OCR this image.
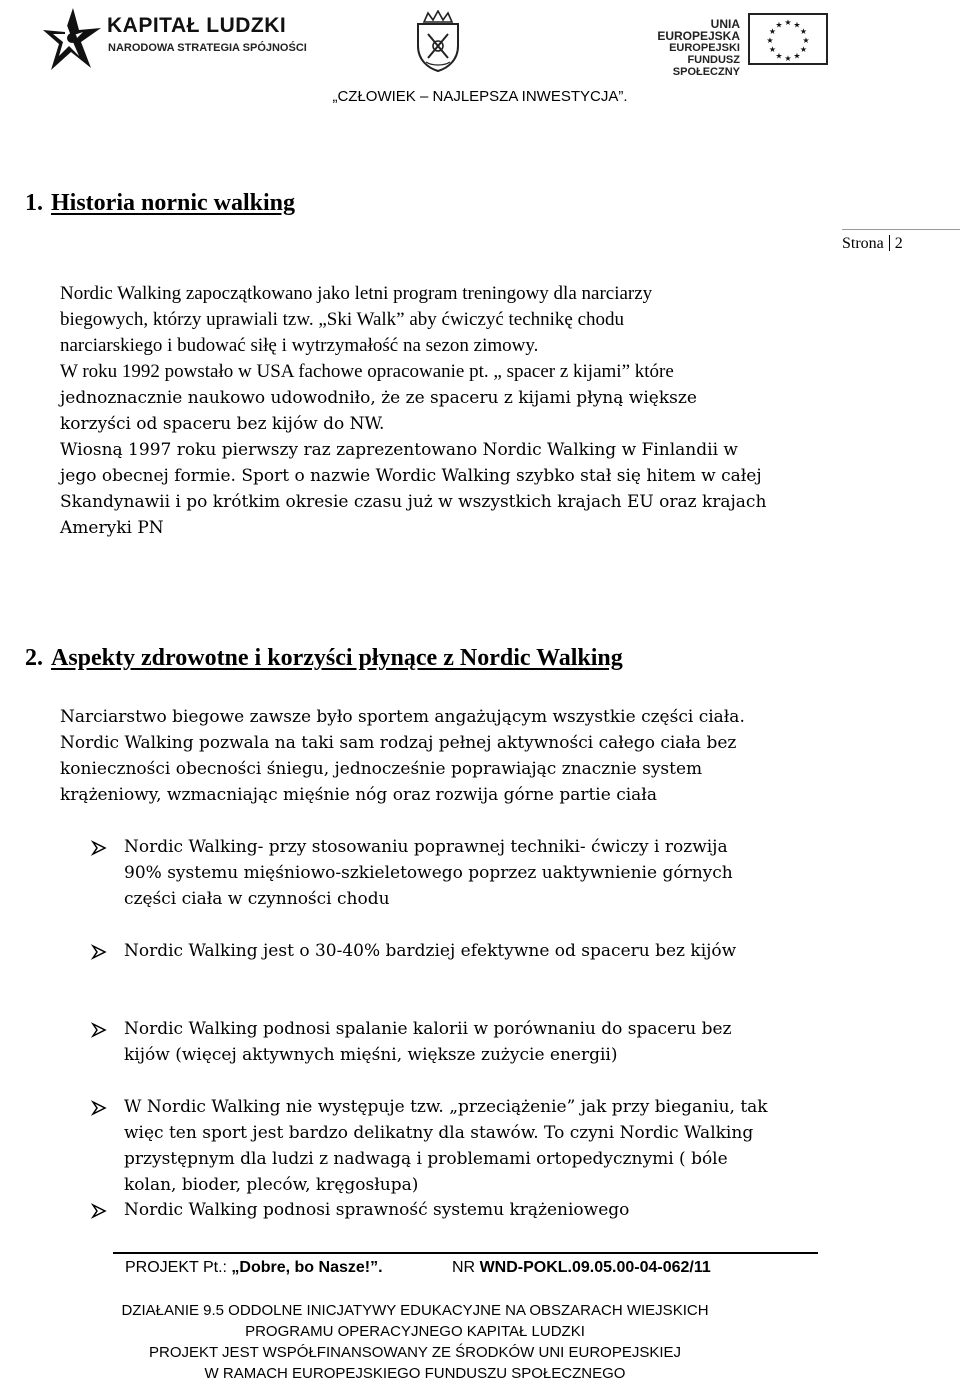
KAPITAŁ LUDZKI
NARODOWA STRATEGIA SPÓJNOŚCI
UNIA EUROPEJSKA
EUROPEJSKI
FUNDUSZ SPOŁECZNY
★ ★
★
★
★
★
★
★
★
★
★
★
„CZŁOWIEK – NAJLEPSZA INWESTYCJA”.
Strona 2
1. Historia nornic walking
Nordic Walking zapoczątkowano jako letni program treningowy dla narciarzy
biegowych, którzy uprawiali tzw. „Ski Walk” aby ćwiczyć technikę chodu
narciarskiego i budować siłę i wytrzymałość na sezon zimowy.
W roku 1992 powstało w USA fachowe opracowanie pt. „ spacer z kijami” które
jednoznacznie naukowo udowodniło, że ze spaceru z kijami płyną większe
korzyści od spaceru bez kijów do NW.
Wiosną 1997 roku pierwszy raz zaprezentowano Nordic Walking w Finlandii w
jego obecnej formie. Sport o nazwie Wordic Walking szybko stał się hitem w całej
Skandynawii i po krótkim okresie czasu już w wszystkich krajach EU oraz krajach
Ameryki PN
2. Aspekty zdrowotne i korzyści płynące z Nordic Walking
Narciarstwo biegowe zawsze było sportem angażującym wszystkie części ciała.
Nordic Walking pozwala na taki sam rodzaj pełnej aktywności całego ciała bez
konieczności obecności śniegu, jednocześnie poprawiając znacznie system
krążeniowy, wzmacniając mięśnie nóg oraz rozwija górne partie ciała
Nordic Walking- przy stosowaniu poprawnej techniki- ćwiczy i rozwija
90% systemu mięśniowo-szkieletowego poprzez uaktywnienie górnych
części ciała w czynności chodu
Nordic Walking jest o 30-40% bardziej efektywne od spaceru bez kijów
Nordic Walking podnosi spalanie kalorii w porównaniu do spaceru bez
kijów (więcej aktywnych mięśni, większe zużycie energii)
W Nordic Walking nie występuje tzw. „przeciążenie” jak przy bieganiu, tak
więc ten sport jest bardzo delikatny dla stawów. To czyni Nordic Walking
przystępnym dla ludzi z nadwagą i problemami ortopedycznymi ( bóle
kolan, bioder, pleców, kręgosłupa)
Nordic Walking podnosi sprawność systemu krążeniowego
PROJEKT Pt.: „Dobre, bo Nasze!”.	NR WND-POKL.09.05.00-04-062/11
DZIAŁANIE 9.5 ODDOLNE INICJATYWY EDUKACYJNE NA OBSZARACH WIEJSKICH
PROGRAMU OPERACYJNEGO KAPITAŁ LUDZKI
PROJEKT JEST WSPÓŁFINANSOWANY ZE ŚRODKÓW UNI EUROPEJSKIEJ
W RAMACH EUROPEJSKIEGO FUNDUSZU SPOŁECZNEGO
